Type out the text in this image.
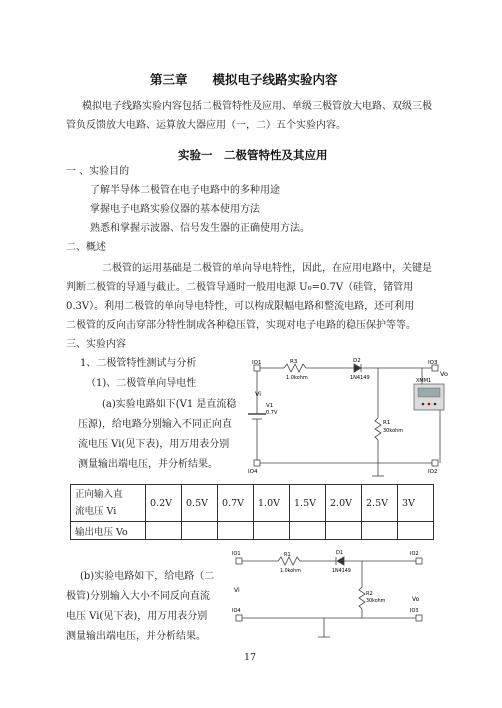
第三章　　模拟电子线路实验内容
模拟电子线路实验内容包括二极管特性及应用、单级三极管放大电路、双级三极
管负反馈放大电路、运算放大器应用（一，二）五个实验内容。
实验一　二极管特性及其应用
一 、实验目的
了解半导体二极管在电子电路中的多种用途
掌握电子电路实验仪器的基本使用方法
熟悉和掌握示波器、信号发生器的正确使用方法。
二、概述
二极管的运用基础是二极管的单向导电特性，因此，在应用电路中，关键是
判断二极管的导通与截止。二极管导通时一般用电源 U₀=0.7V（硅管，锗管用
0.3V）。利用二极管的单向导电特性，可以构成限幅电路和整流电路，还可利用
二极管的反向击穿部分特性制成各种稳压管，实现对电子电路的稳压保护等等。
三、实验内容
1、二极管特性测试与分析
（1)、二极管单向导电性
(a)实验电路如下(V1 是直流稳
压源)，给电路分别输入不同正向直
流电压 Vi(见下表)，用万用表分别
测量输出端电压，并分析结果。
IO1	IO3
IO4	IO2
R3
1.0kohm
D2
1N4149
Vi
V1
0.7V
Vo
R1
30kohm
XMM1
正向输入直
流电压 Vi	0.2V	0.5V	0.7V	1.0V	1.5V	2.0V	2.5V	3V
输出电压 Vo								
(b)实验电路如下，给电路（二
极管)分别输入大小不同反向直流
电压 Vi(见下表)，用万用表分别
测量输出端电压，并分析结果。
IO1	IO2
IO4	IO3
R1
1.0kohm
D1
1N4149
Vi
Vo
R2
30kohm
17
